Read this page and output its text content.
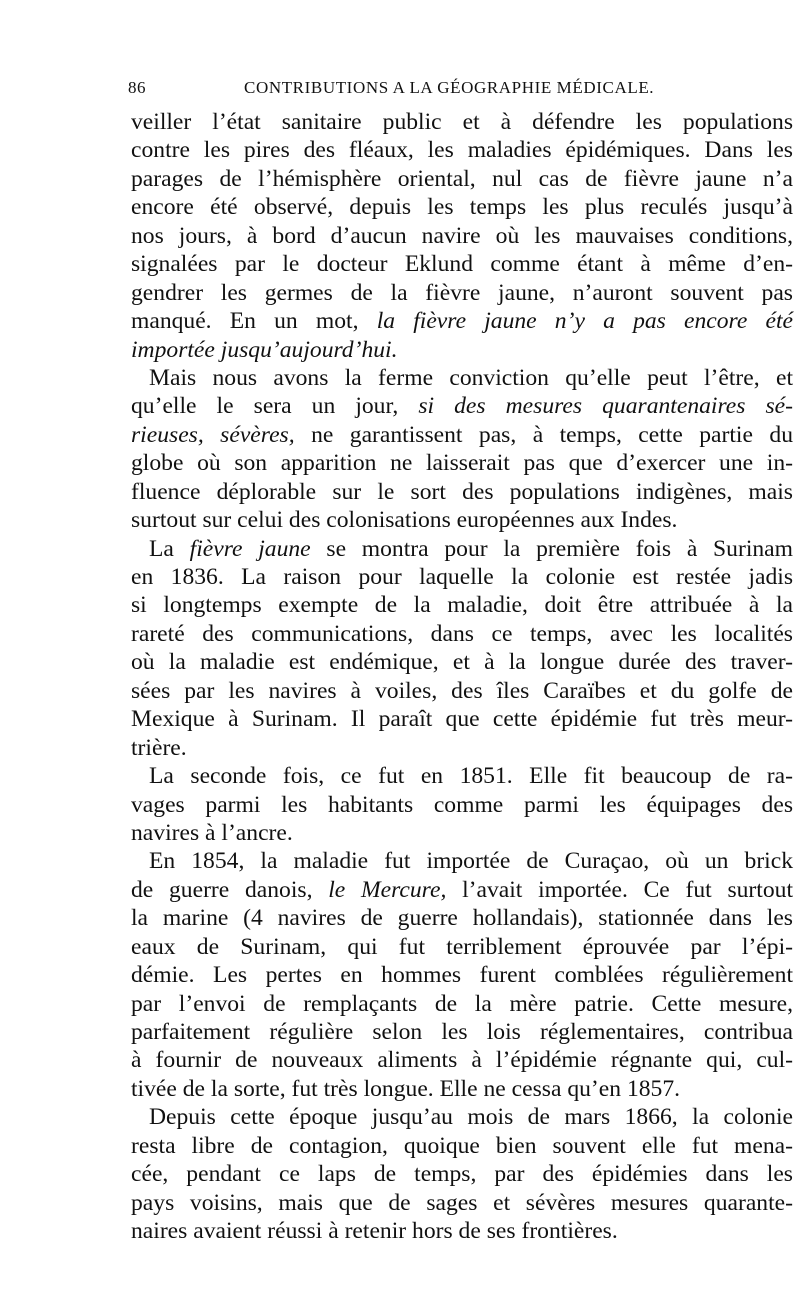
86	CONTRIBUTIONS A LA GÉOGRAPHIE MÉDICALE.
veiller l’état sanitaire public et à défendre les populations
contre les pires des fléaux, les maladies épidémiques. Dans les
parages de l’hémisphère oriental, nul cas de fièvre jaune n’a
encore été observé, depuis les temps les plus reculés jusqu’à
nos jours, à bord d’aucun navire où les mauvaises conditions,
signalées par le docteur Eklund comme étant à même d’en-
gendrer les germes de la fièvre jaune, n’auront souvent pas
manqué. En un mot, la fièvre jaune n’y a pas encore été
importée jusqu’aujourd’hui.
Mais nous avons la ferme conviction qu’elle peut l’être, et
qu’elle le sera un jour, si des mesures quarantenaires sé-
rieuses, sévères, ne garantissent pas, à temps, cette partie du
globe où son apparition ne laisserait pas que d’exercer une in-
fluence déplorable sur le sort des populations indigènes, mais
surtout sur celui des colonisations européennes aux Indes.
La fièvre jaune se montra pour la première fois à Surinam
en 1836. La raison pour laquelle la colonie est restée jadis
si longtemps exempte de la maladie, doit être attribuée à la
rareté des communications, dans ce temps, avec les localités
où la maladie est endémique, et à la longue durée des traver-
sées par les navires à voiles, des îles Caraïbes et du golfe de
Mexique à Surinam. Il paraît que cette épidémie fut très meur-
trière.
La seconde fois, ce fut en 1851. Elle fit beaucoup de ra-
vages parmi les habitants comme parmi les équipages des
navires à l’ancre.
En 1854, la maladie fut importée de Curaçao, où un brick
de guerre danois, le Mercure, l’avait importée. Ce fut surtout
la marine (4 navires de guerre hollandais), stationnée dans les
eaux de Surinam, qui fut terriblement éprouvée par l’épi-
démie. Les pertes en hommes furent comblées régulièrement
par l’envoi de remplaçants de la mère patrie. Cette mesure,
parfaitement régulière selon les lois réglementaires, contribua
à fournir de nouveaux aliments à l’épidémie régnante qui, cul-
tivée de la sorte, fut très longue. Elle ne cessa qu’en 1857.
Depuis cette époque jusqu’au mois de mars 1866, la colonie
resta libre de contagion, quoique bien souvent elle fut mena-
cée, pendant ce laps de temps, par des épidémies dans les
pays voisins, mais que de sages et sévères mesures quarante-
naires avaient réussi à retenir hors de ses frontières.
